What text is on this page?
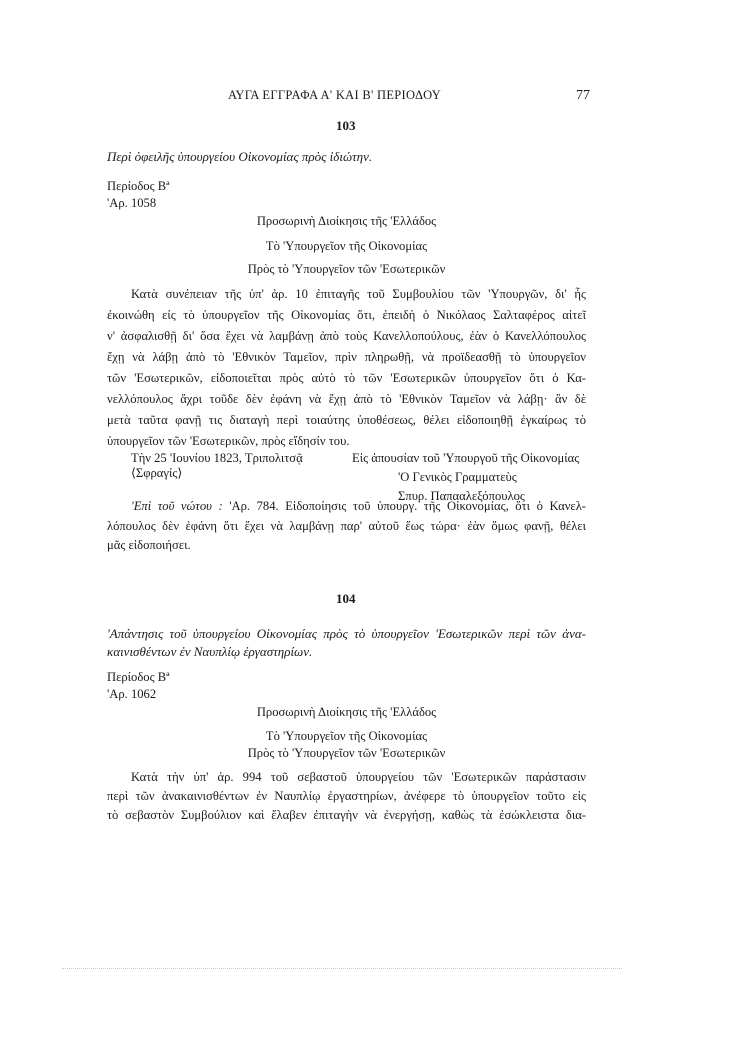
ΑΥΓΑ ΕΓΓΡΑΦΑ Α' ΚΑΙ Β' ΠΕΡΙΟΔΟΥ	77
103
Περὶ ὀφειλῆς ὑπουργείου Οἰκονομίας πρὸς ἰδιώτην.
Περίοδος Βª
'Αρ. 1058
Προσωρινὴ Διοίκησις τῆς 'Ελλάδος
Τὸ 'Υπουργεῖον τῆς Οἰκονομίας
Πρὸς τὸ 'Υπουργεῖον τῶν 'Εσωτερικῶν
Κατὰ συνέπειαν τῆς ὑπ' ἀρ. 10 ἐπιταγῆς τοῦ Συμβουλίου τῶν 'Υπουργῶν, δι' ἧς
ἐκοινώθη εἰς τὸ ὑπουργεῖον τῆς Οἰκονομίας ὅτι, ἐπειδὴ ὁ Νικόλαος Σαλταφέρος αἰτεῖ
ν' ἀσφαλισθῇ δι' ὅσα ἔχει νὰ λαμβάνῃ ἀπὸ τοὺς Κανελλοπούλους, ἐὰν ὁ Κανελλόπουλος
ἔχῃ νὰ λάβῃ ἀπὸ τὸ 'Εθνικὸν Ταμεῖον, πρὶν πληρωθῇ, νὰ προϊδεασθῇ τὸ ὑπουργεῖον
τῶν 'Εσωτερικῶν, εἰδοποιεῖται πρὸς αὐτὸ τὸ τῶν 'Εσωτερικῶν ὑπουργεῖον ὅτι ὁ Κα-
νελλόπουλος ἄχρι τοῦδε δὲν ἐφάνη νὰ ἔχῃ ἀπὸ τὸ 'Εθνικὸν Ταμεῖον νὰ λάβῃ· ἂν δὲ
μετὰ ταῦτα φανῇ τις διαταγὴ περὶ τοιαύτης ὑποθέσεως, θέλει εἰδοποιηθῇ ἐγκαίρως τὸ
ὑπουργεῖον τῶν 'Εσωτερικῶν, πρὸς εἴδησίν του.
Τὴν 25 'Ιουνίου 1823, Τριπολιτσᾷ	Εἰς ἀπουσίαν τοῦ 'Υπουργοῦ τῆς Οἰκονομίας
'Ο Γενικὸς Γραμματεὺς
Σπυρ. Παπααλεξόπουλος
⟨Σφραγίς⟩
'Επὶ τοῦ νώτου : 'Αρ. 784. Εἰδοποίησις τοῦ ὑπουργ. τῆς Οἰκονομίας, ὅτι ὁ Κανελ-
λόπουλος δὲν ἐφάνη ὅτι ἔχει νὰ λαμβάνῃ παρ' αὐτοῦ ἕως τώρα· ἐὰν ὅμως φανῇ, θέλει
μᾶς εἰδοποιήσει.
104
'Απάντησις τοῦ ὑπουργείου Οἰκονομίας πρὸς τὸ ὑπουργεῖον 'Εσωτερικῶν περὶ τῶν ἀνα-
καινισθέντων ἐν Ναυπλίῳ ἐργαστηρίων.
Περίοδος Βª
'Αρ. 1062
Προσωρινὴ Διοίκησις τῆς 'Ελλάδος
Τὸ 'Υπουργεῖον τῆς Οἰκονομίας
Πρὸς τὸ 'Υπουργεῖον τῶν 'Εσωτερικῶν
Κατὰ τὴν ὑπ' ἀρ. 994 τοῦ σεβαστοῦ ὑπουργείου τῶν 'Εσωτερικῶν παράστασιν
περὶ τῶν ἀνακαινισθέντων ἐν Ναυπλίῳ ἐργαστηρίων, ἀνέφερε τὸ ὑπουργεῖον τοῦτο εἰς
τὸ σεβαστὸν Συμβούλιον καὶ ἔλαβεν ἐπιταγὴν νὰ ἐνεργήσῃ, καθὼς τὰ ἐσώκλειστα δια-
